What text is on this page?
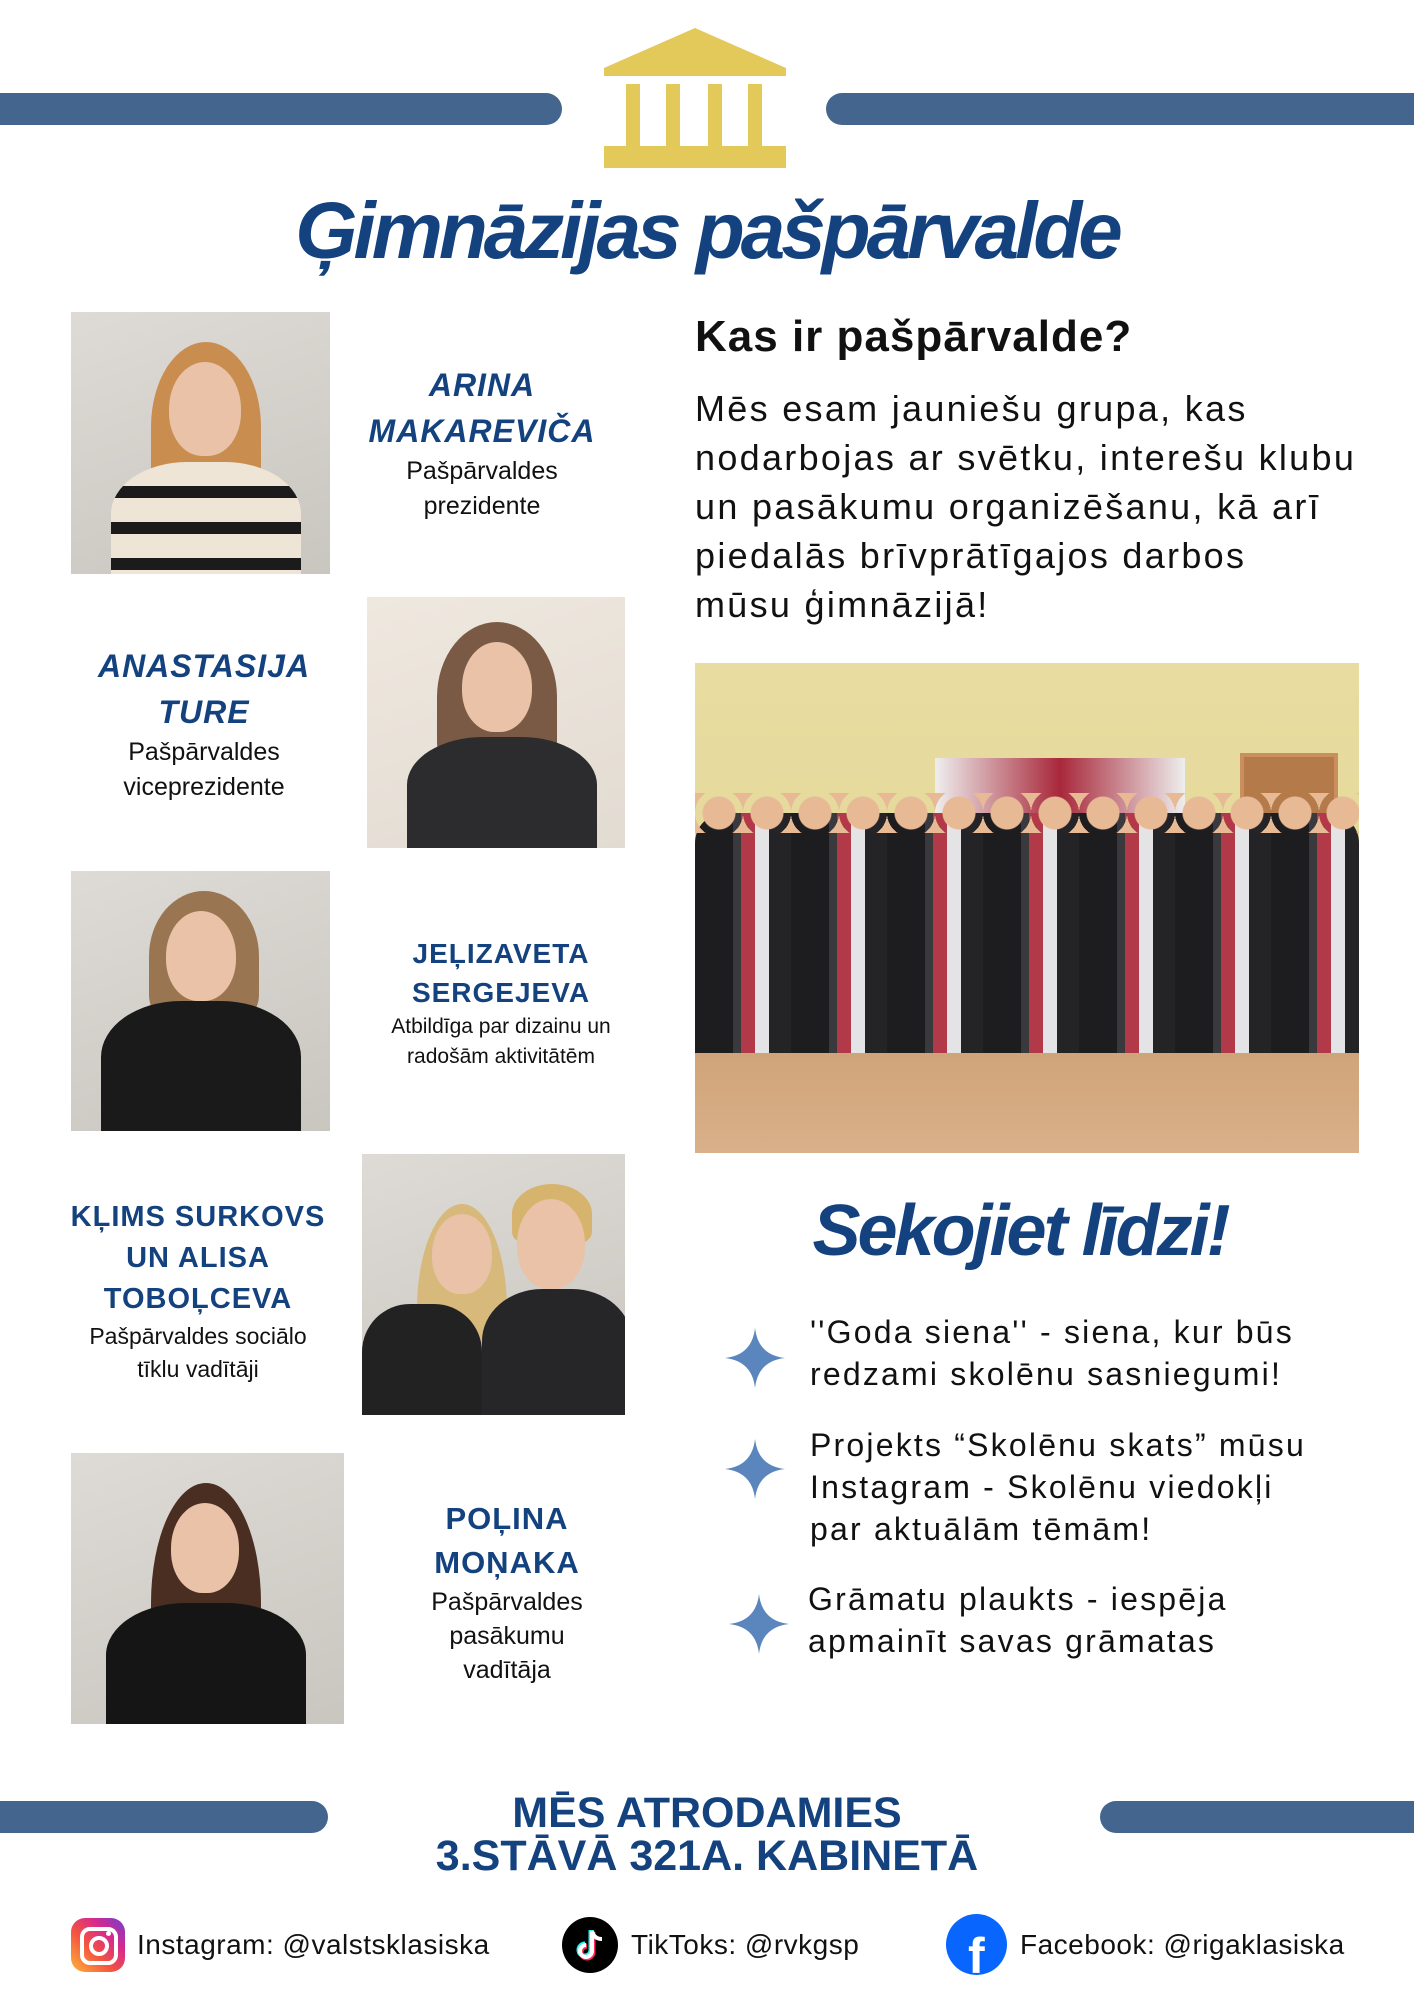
Ģimnāzijas pašpārvalde
ARINA
MAKAREVIČA
Pašpārvaldes
prezidente
ANASTASIJA
TURE
Pašpārvaldes
viceprezidente
JEĻIZAVETA
SERGEJEVA
Atbildīga par dizainu un
radošām aktivitātēm
KĻIMS SURKOVS
UN ALISA
TOBOĻCEVA
Pašpārvaldes sociālo
tīklu vadītāji
POĻINA
MOŅAKA
Pašpārvaldes
pasākumu
vadītāja
Kas ir pašpārvalde?
Mēs esam jauniešu grupa, kas
nodarbojas ar svētku, interešu klubu
un pasākumu organizēšanu, kā arī
piedalās brīvprātīgajos darbos
mūsu ģimnāzijā!
Sekojiet līdzi!
''Goda siena'' - siena, kur būs
redzami skolēnu sasniegumi!
Projekts “Skolēnu skats” mūsu
Instagram - Skolēnu viedokļi
par aktuālām tēmām!
Grāmatu plaukts - iespēja
apmainīt savas grāmatas
MĒS ATRODAMIES
3.STĀVĀ 321A. KABINETĀ
Instagram: @valstsklasiska	TikToks: @rvkgsp f Facebook: @rigaklasiska
